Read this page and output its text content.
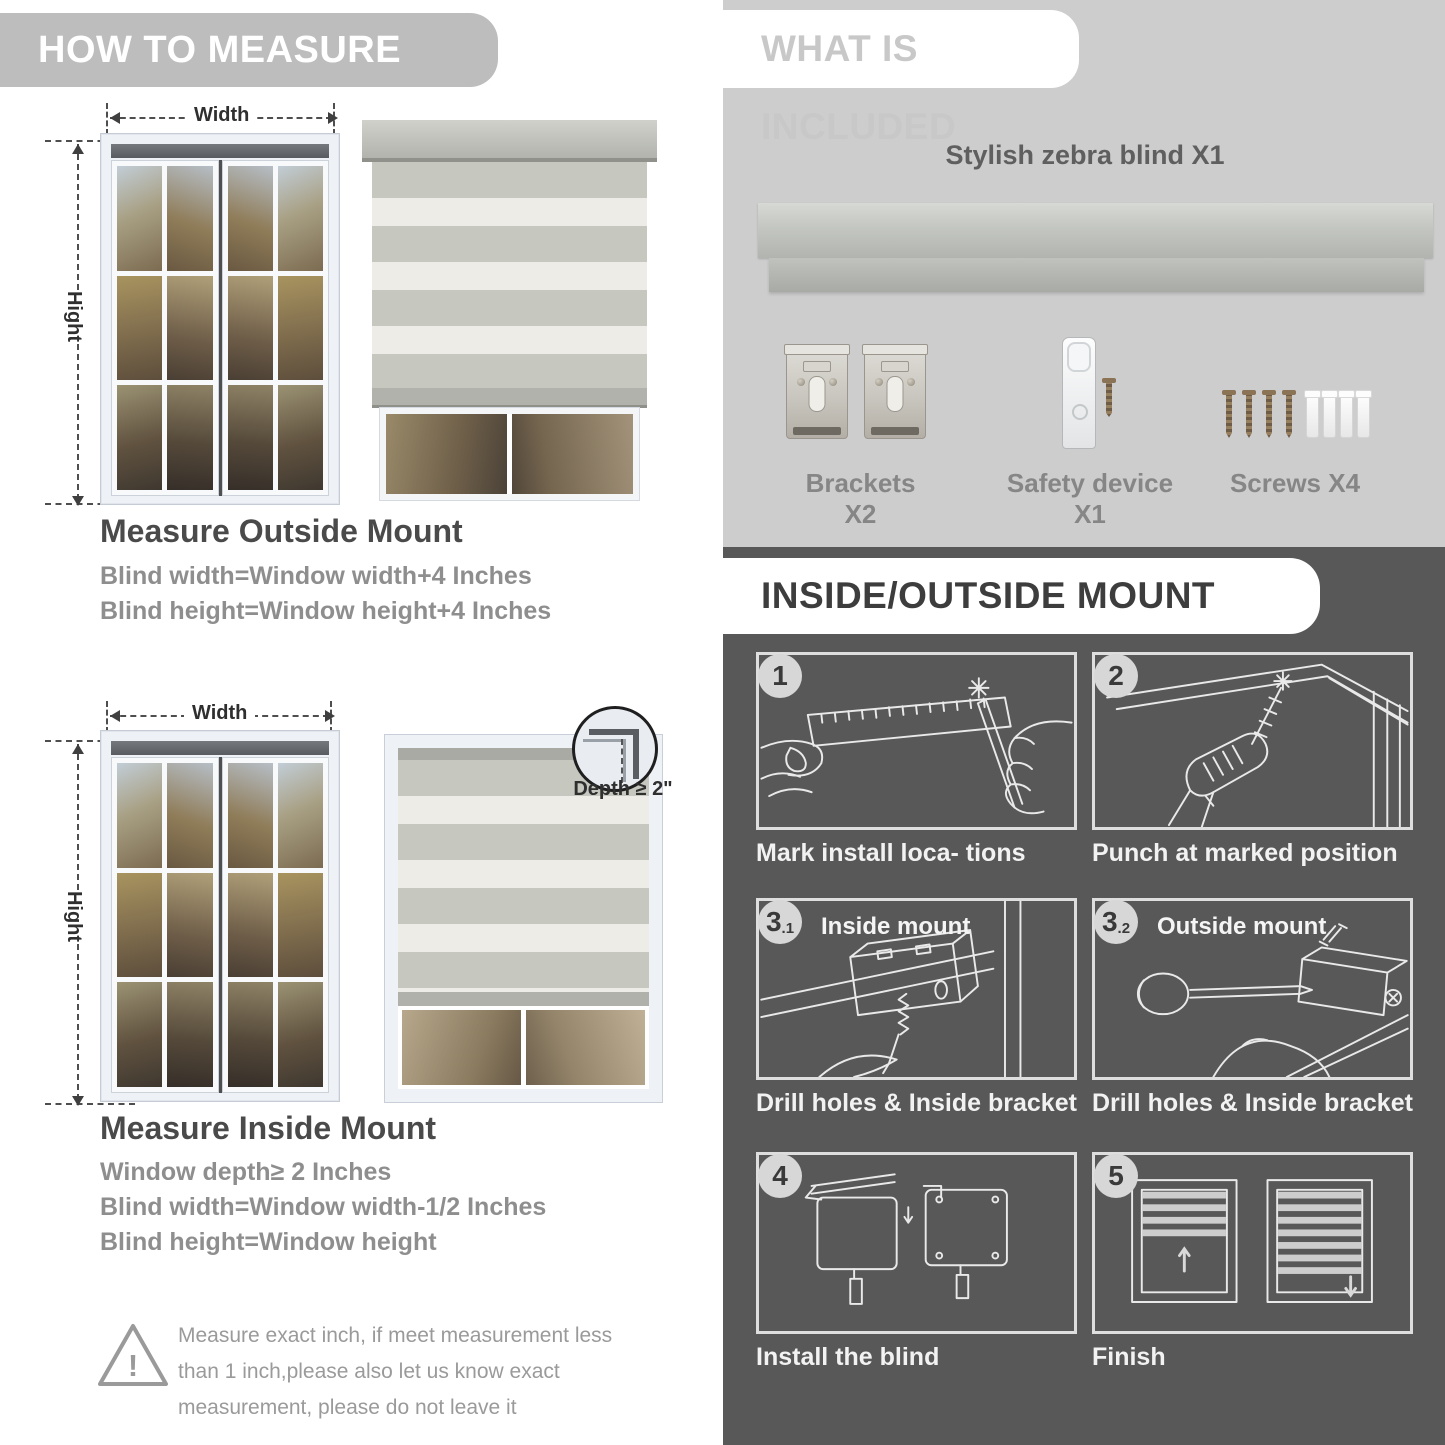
HOW TO MEASURE
Width
Hight
Measure Outside Mount
Blind width=Window width+4 Inches
Blind height=Window height+4 Inches
Width
Hight
Depth ≥ 2"
Measure Inside Mount
Window depth≥ 2 Inches
Blind width=Window width-1/2 Inches
Blind height=Window height
!
Measure exact inch, if meet measurement less than 1 inch,please also let us know exact measurement, please do not leave it
WHAT IS INCLUDED
Stylish zebra blind X1
Brackets X2
Safety device X1
Screws X4
INSIDE/OUTSIDE MOUNT
1
Mark install loca- tions
2
Punch at marked position
3 .1 Inside mount
Drill holes & Inside bracket
3 .2 Outside mount
Drill holes & Inside bracket
4
Install the blind
5
Finish
